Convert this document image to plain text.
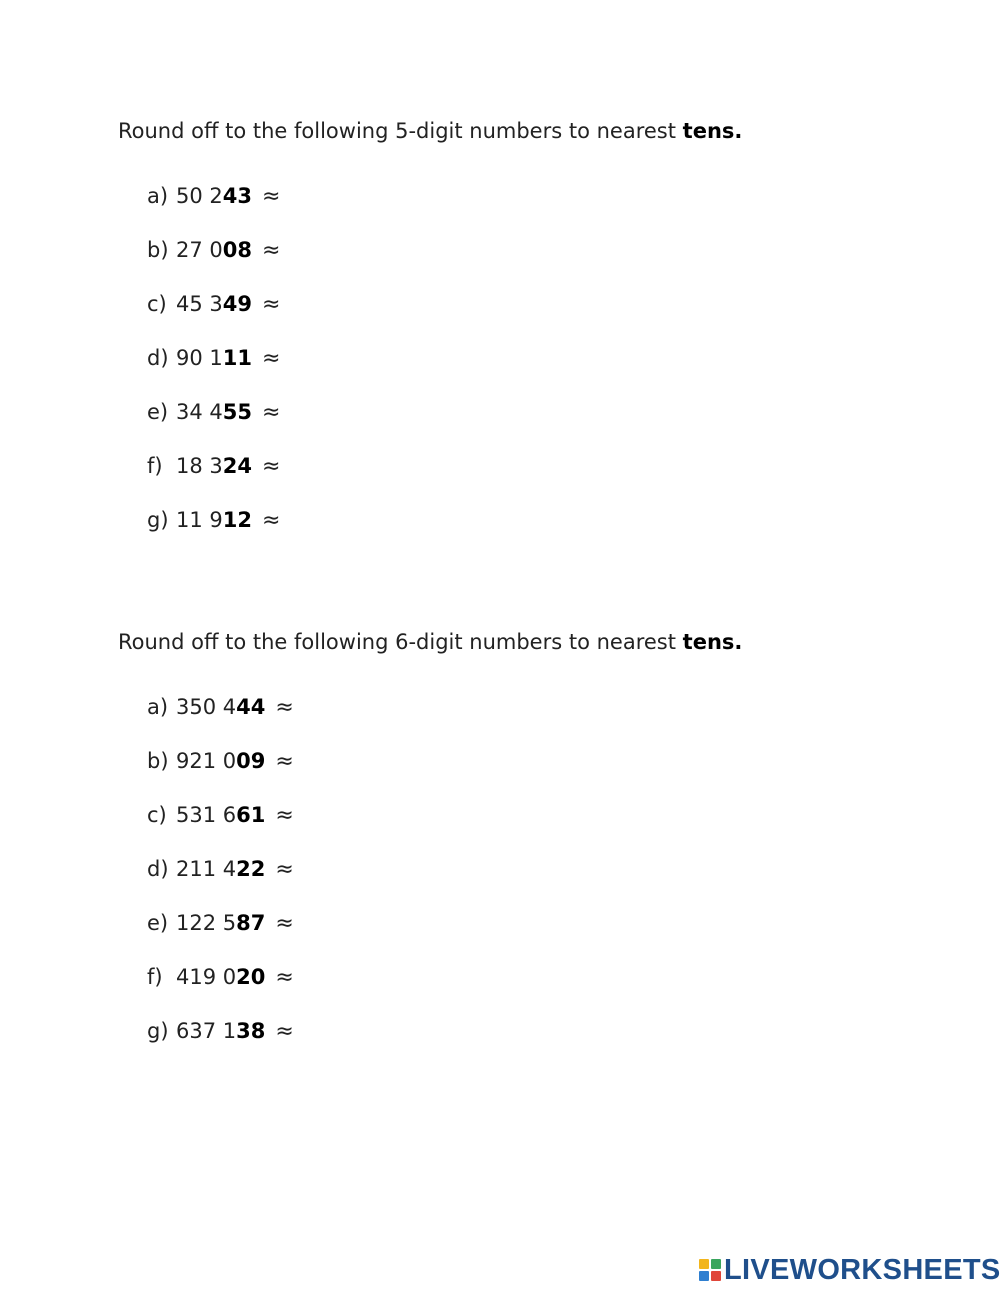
Round off to the following 5-digit numbers to nearest tens.

a) 50 243 ≈
b) 27 008 ≈
c) 45 349 ≈
d) 90 111 ≈
e) 34 455 ≈
f) 18 324 ≈
g) 11 912 ≈

Round off to the following 6-digit numbers to nearest tens.

a) 350 444 ≈
b) 921 009 ≈
c) 531 661 ≈
d) 211 422 ≈
e) 122 587 ≈
f) 419 020 ≈
g) 637 138 ≈
LIVEWORKSHEETS
